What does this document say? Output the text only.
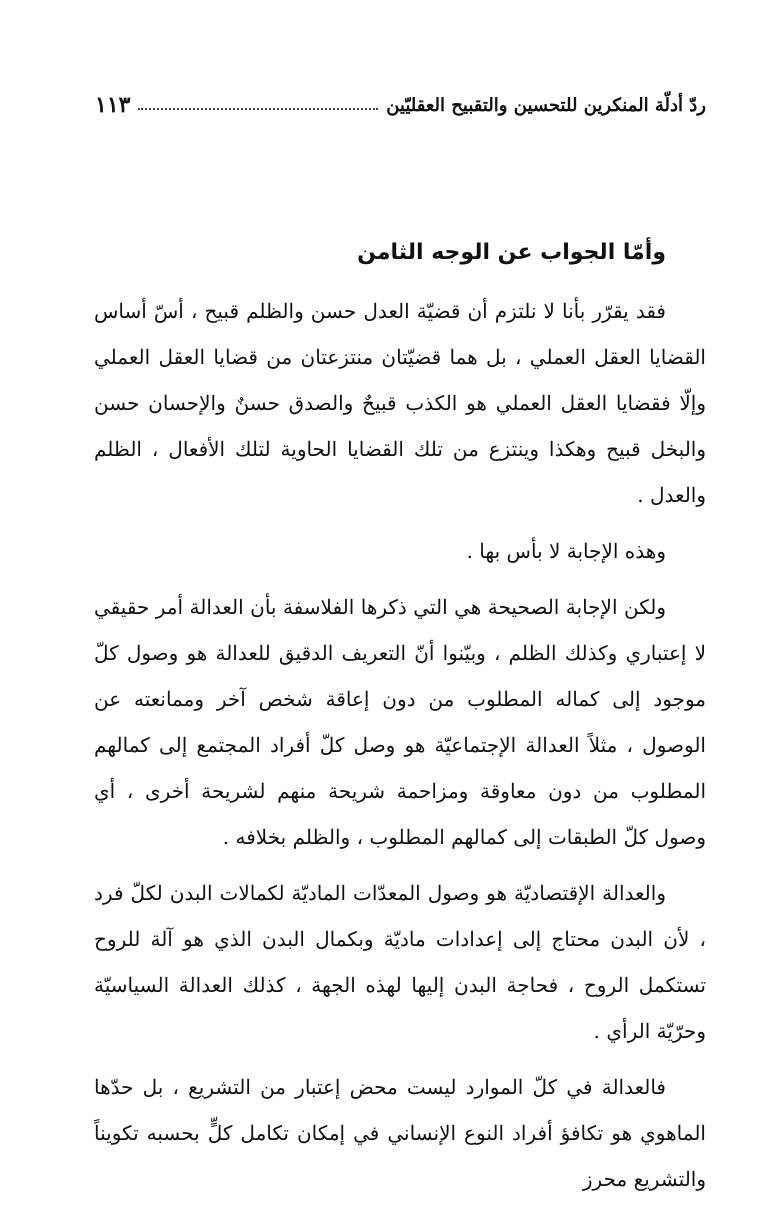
ردّ أدلّة المنكرين للتحسين والتقبيح العقليّين
١١٣
وأمّا الجواب عن الوجه الثامن

فقد يقرّر بأنا لا نلتزم أن قضيّة العدل حسن والظلم قبيح ، أسّ أساس القضايا العقل العملي ، بل هما قضيّتان منتزعتان من قضايا العقل العملي وإلّا فقضايا العقل العملي هو الكذب قبيحٌ والصدق حسنٌ والإحسان حسن والبخل قبيح وهكذا وينتزع من تلك القضايا الحاوية لتلك الأفعال ، الظلم والعدل .

وهذه الإجابة لا بأس بها .

ولكن الإجابة الصحيحة هي التي ذكرها الفلاسفة بأن العدالة أمر حقيقي لا إعتباري وكذلك الظلم ، وبيّنوا أنّ التعريف الدقيق للعدالة هو وصول كلّ موجود إلى كماله المطلوب من دون إعاقة شخص آخر وممانعته عن الوصول ، مثلاً العدالة الإجتماعيّة هو وصل كلّ أفراد المجتمع إلى كمالهم المطلوب من دون معاوقة ومزاحمة شريحة منهم لشريحة أخرى ، أي وصول كلّ الطبقات إلى كمالهم المطلوب ، والظلم بخلافه .

والعدالة الإقتصاديّة هو وصول المعدّات الماديّة لكمالات البدن لكلّ فرد ، لأن البدن محتاج إلى إعدادات ماديّة وبكمال البدن الذي هو آلة للروح تستكمل الروح ، فحاجة البدن إليها لهذه الجهة ، كذلك العدالة السياسيّة وحرّيّة الرأي .

فالعدالة في كلّ الموارد ليست محض إعتبار من التشريع ، بل حدّها الماهوي هو تكافؤ أفراد النوع الإنساني في إمكان تكامل كلٍّ بحسبه تكويناً والتشريع محرز
